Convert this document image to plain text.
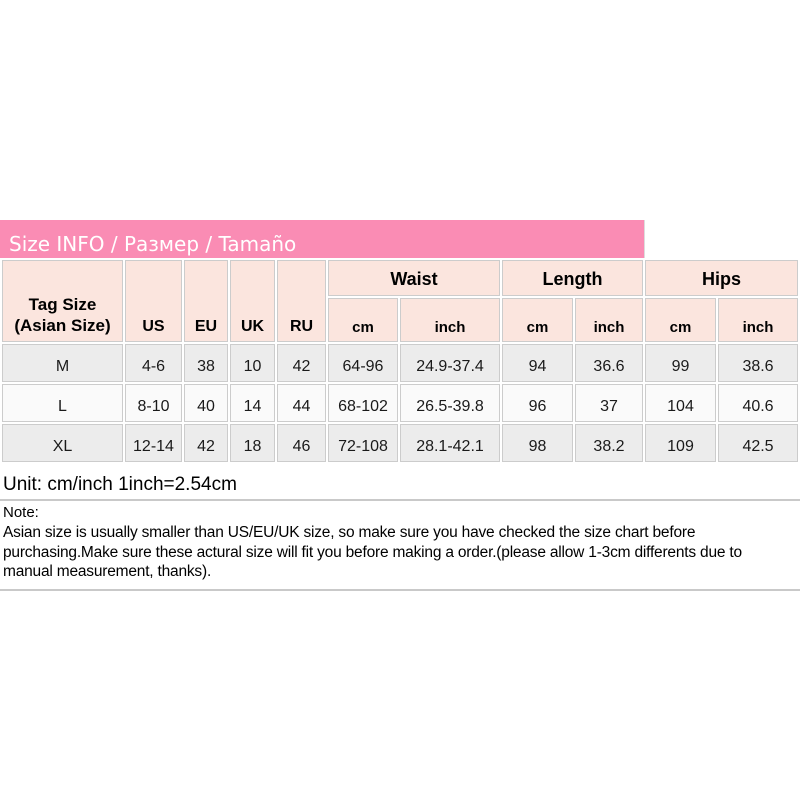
Size INFO / Размер / Tamaño
Tag Size
(Asian Size)	US	EU	UK	RU	Waist		Length		Hips	
					cm	inch	cm	inch	cm	inch
M	4-6	38	10	42	64-96	24.9-37.4	94	36.6	99	38.6
L	8-10	40	14	44	68-102	26.5-39.8	96	37	104	40.6
XL	12-14	42	18	46	72-108	28.1-42.1	98	38.2	109	42.5
Unit: cm/inch 1inch=2.54cm
Note:

Asian size is usually smaller than US/EU/UK size, so make sure you have checked the size chart before purchasing.Make sure these actural size will fit you before making a order.(please allow 1-3cm differents due to manual measurement, thanks).
